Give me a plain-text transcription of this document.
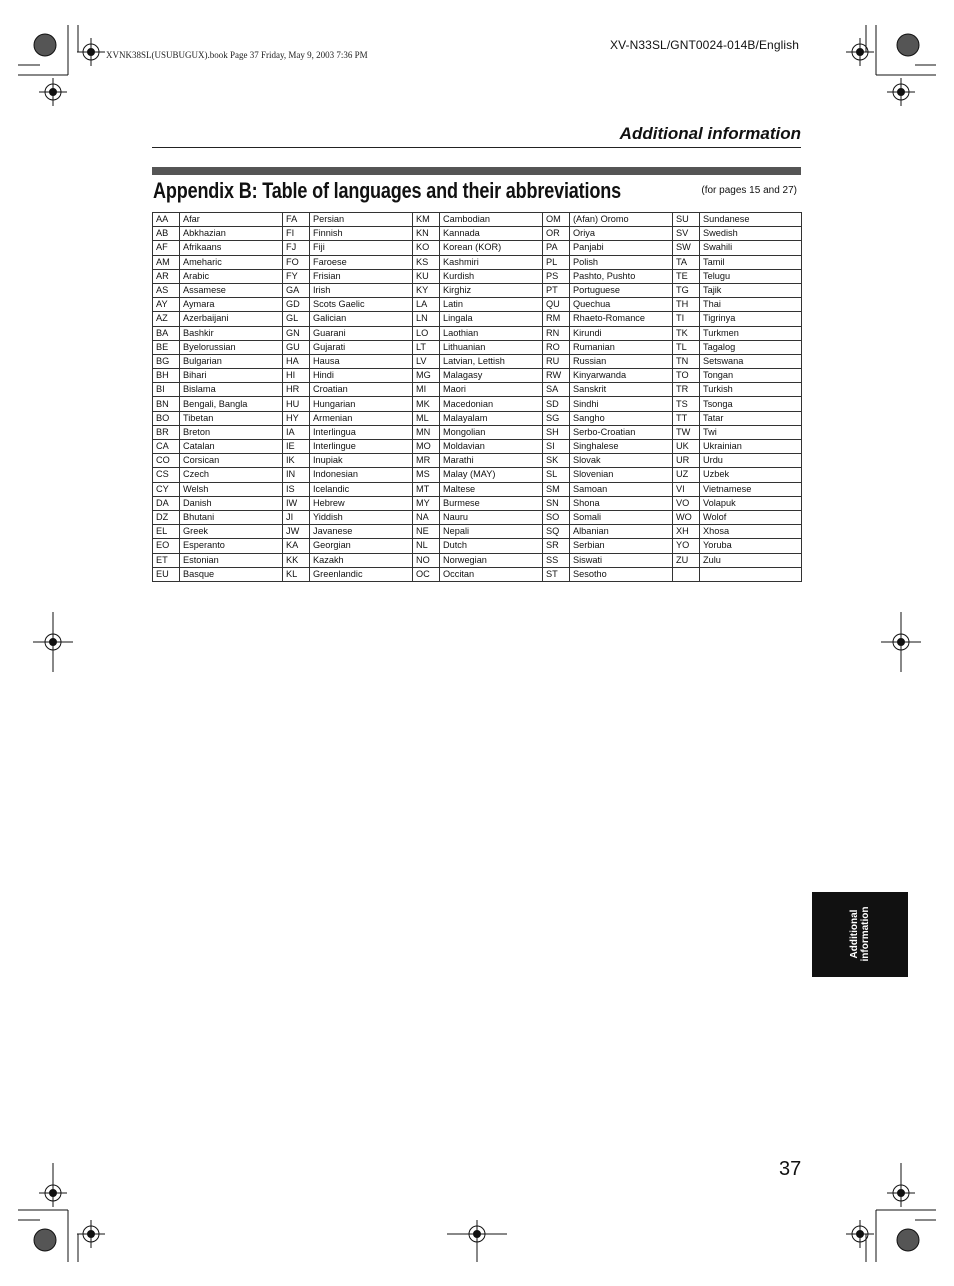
XVNK38SL(USUBUGUX).book Page 37 Friday, May 9, 2003 7:36 PM
XV-N33SL/GNT0024-014B/English
Additional information
Appendix B: Table of languages and their abbreviations	(for pages 15 and 27)
AA	Afar	FA	Persian	KM	Cambodian	OM	(Afan) Oromo	SU	Sundanese
AB	Abkhazian	FI	Finnish	KN	Kannada	OR	Oriya	SV	Swedish
AF	Afrikaans	FJ	Fiji	KO	Korean (KOR)	PA	Panjabi	SW	Swahili
AM	Ameharic	FO	Faroese	KS	Kashmiri	PL	Polish	TA	Tamil
AR	Arabic	FY	Frisian	KU	Kurdish	PS	Pashto, Pushto	TE	Telugu
AS	Assamese	GA	Irish	KY	Kirghiz	PT	Portuguese	TG	Tajik
AY	Aymara	GD	Scots Gaelic	LA	Latin	QU	Quechua	TH	Thai
AZ	Azerbaijani	GL	Galician	LN	Lingala	RM	Rhaeto-Romance	TI	Tigrinya
BA	Bashkir	GN	Guarani	LO	Laothian	RN	Kirundi	TK	Turkmen
BE	Byelorussian	GU	Gujarati	LT	Lithuanian	RO	Rumanian	TL	Tagalog
BG	Bulgarian	HA	Hausa	LV	Latvian, Lettish	RU	Russian	TN	Setswana
BH	Bihari	HI	Hindi	MG	Malagasy	RW	Kinyarwanda	TO	Tongan
BI	Bislama	HR	Croatian	MI	Maori	SA	Sanskrit	TR	Turkish
BN	Bengali, Bangla	HU	Hungarian	MK	Macedonian	SD	Sindhi	TS	Tsonga
BO	Tibetan	HY	Armenian	ML	Malayalam	SG	Sangho	TT	Tatar
BR	Breton	IA	Interlingua	MN	Mongolian	SH	Serbo-Croatian	TW	Twi
CA	Catalan	IE	Interlingue	MO	Moldavian	SI	Singhalese	UK	Ukrainian
CO	Corsican	IK	Inupiak	MR	Marathi	SK	Slovak	UR	Urdu
CS	Czech	IN	Indonesian	MS	Malay (MAY)	SL	Slovenian	UZ	Uzbek
CY	Welsh	IS	Icelandic	MT	Maltese	SM	Samoan	VI	Vietnamese
DA	Danish	IW	Hebrew	MY	Burmese	SN	Shona	VO	Volapuk
DZ	Bhutani	JI	Yiddish	NA	Nauru	SO	Somali	WO	Wolof
EL	Greek	JW	Javanese	NE	Nepali	SQ	Albanian	XH	Xhosa
EO	Esperanto	KA	Georgian	NL	Dutch	SR	Serbian	YO	Yoruba
ET	Estonian	KK	Kazakh	NO	Norwegian	SS	Siswati	ZU	Zulu
EU	Basque	KL	Greenlandic	OC	Occitan	ST	Sesotho		
Additional information
37
